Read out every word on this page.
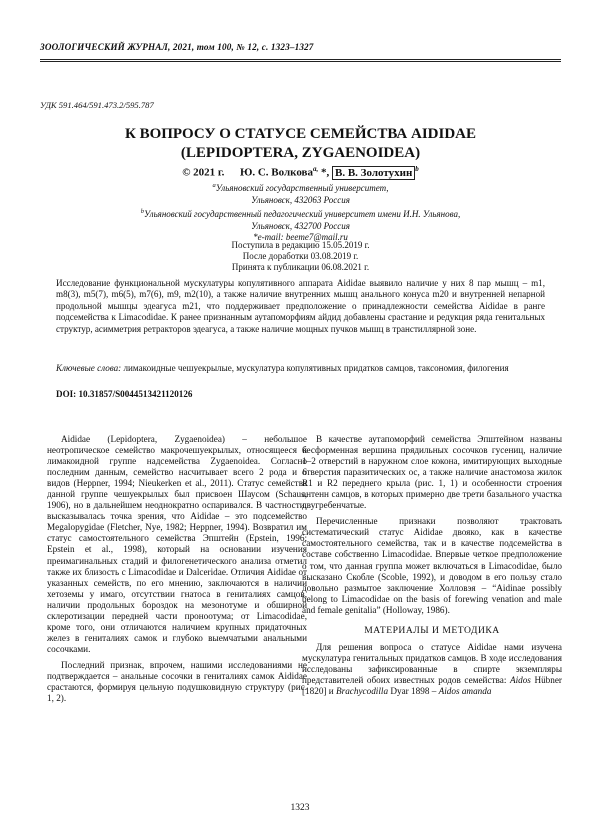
ЗООЛОГИЧЕСКИЙ ЖУРНАЛ, 2021, том 100, № 12, с. 1323–1327
УДК 591.464/591.473.2/595.787
К ВОПРОСУ О СТАТУСЕ СЕМЕЙСТВА AIDIDAE
(LEPIDOPTERA, ZYGAENOIDEA)
© 2021 г. Ю. С. Волкова$^{a,}$ *, В. В. Золотухин $^b$
$^a$Ульяновский государственный университет,
Ульяновск, 432063 Россия
$^b$Ульяновский государственный педагогический университет имени И.Н. Ульянова,
Ульяновск, 432700 Россия
*e-mail: beeme7@mail.ru
Поступила в редакцию 15.05.2019 г.
После доработки 03.08.2019 г.
Принята к публикации 06.08.2021 г.
Исследование функциональной мускулатуры копулятивного аппарата Aididae выявило наличие у них 8 пар мышц – m1, m8(3), m5(7), m6(5), m7(6), m9, m2(10), а также наличие внутренних мышц анального конуса m20 и внутренней непарной продольной мышцы эдеагуса m21, что поддерживает предположение о принадлежности семейства Aididae в ранге подсемейства к Limacodidae. К ранее признанным аутапоморфиям айдид добавлены срастание и редукция ряда генитальных структур, асимметрия ретракторов эдеагуса, а также наличие мощных пучков мышц в транстиллярной зоне.
Ключевые слова: лимакоидные чешуекрылые, мускулатура копулятивных придатков самцов, таксономия, филогения
DOI: 10.31857/S0044513421120126

Aididae (Lepidoptera, Zygaenoidea) – небольшое неотропическое семейство макрочешуекрылых, относящееся к лимакоидной группе надсемейства Zygaenoidea. Согласно последним данным, семейство насчитывает всего 2 рода и 6 видов (Heppner, 1994; Nieukerken et al., 2011). Статус семейства данной группе чешуекрылых был присвоен Шаусом (Schaus, 1906), но в дальнейшем неоднократно оспаривался. В частности, высказывалась точка зрения, что Aididae – это подсемейство Megalopygidae (Fletcher, Nye, 1982; Heppner, 1994). Возвратил им статус самостоятельного семейства Эпштейн (Epstein, 1996; Epstein et al., 1998), который на основании изучения преимагинальных стадий и филогенетического анализа отметил также их близость с Limacodidae и Dalceridae. Отличия Aididae от указанных семейств, по его мнению, заключаются в наличии хетоземы у имаго, отсутствии гнатоса в гениталиях самцов, наличии продольных бороздок на мезонотуме и обширной склеротизации передней части проноотума; от Limacodidae, кроме того, они отличаются наличием крупных придаточных желез в гениталиях самок и глубоко выемчатыми анальными сосочками.

Последний признак, впрочем, нашими исследованиями не подтверждается – анальные сосочки в гениталиях самок Aididae срастаются, формируя цельную подушковидную структуру (рис. 1, 2).

В качестве аутапоморфий семейства Эпштейном названы бесформенная вершина прядильных сосочков гусениц, наличие 1–2 отверстий в наружном слое кокона, имитирующих выходные отверстия паразитических ос, а также наличие анастомоза жилок R1 и R2 переднего крыла (рис. 1, 1) и особенности строения антенн самцов, в которых примерно две трети базального участка двугребенчатые.

Перечисленные признаки позволяют трактовать систематический статус Aididae двояко, как в качестве самостоятельного семейства, так и в качестве подсемейства в составе собственно Limacodidae. Впервые четкое предположение о том, что данная группа может включаться в Limacodidae, было высказано Скобле (Scoble, 1992), и доводом в его пользу стало довольно размытое заключение Холловэя – “Aidinae possibly belong to Limacodidae on the basis of forewing venation and male and female genitalia” (Holloway, 1986).

МАТЕРИАЛЫ И МЕТОДИКА

Для решения вопроса о статусе Aididae нами изучена мускулатура генитальных придатков самцов. В ходе исследования исследованы зафиксированные в спирте экземпляры представителей обоих известных родов семейства: Aidos Hübner [1820] и Brachycodilla Dyar 1898 – Aidos amanda

1323
